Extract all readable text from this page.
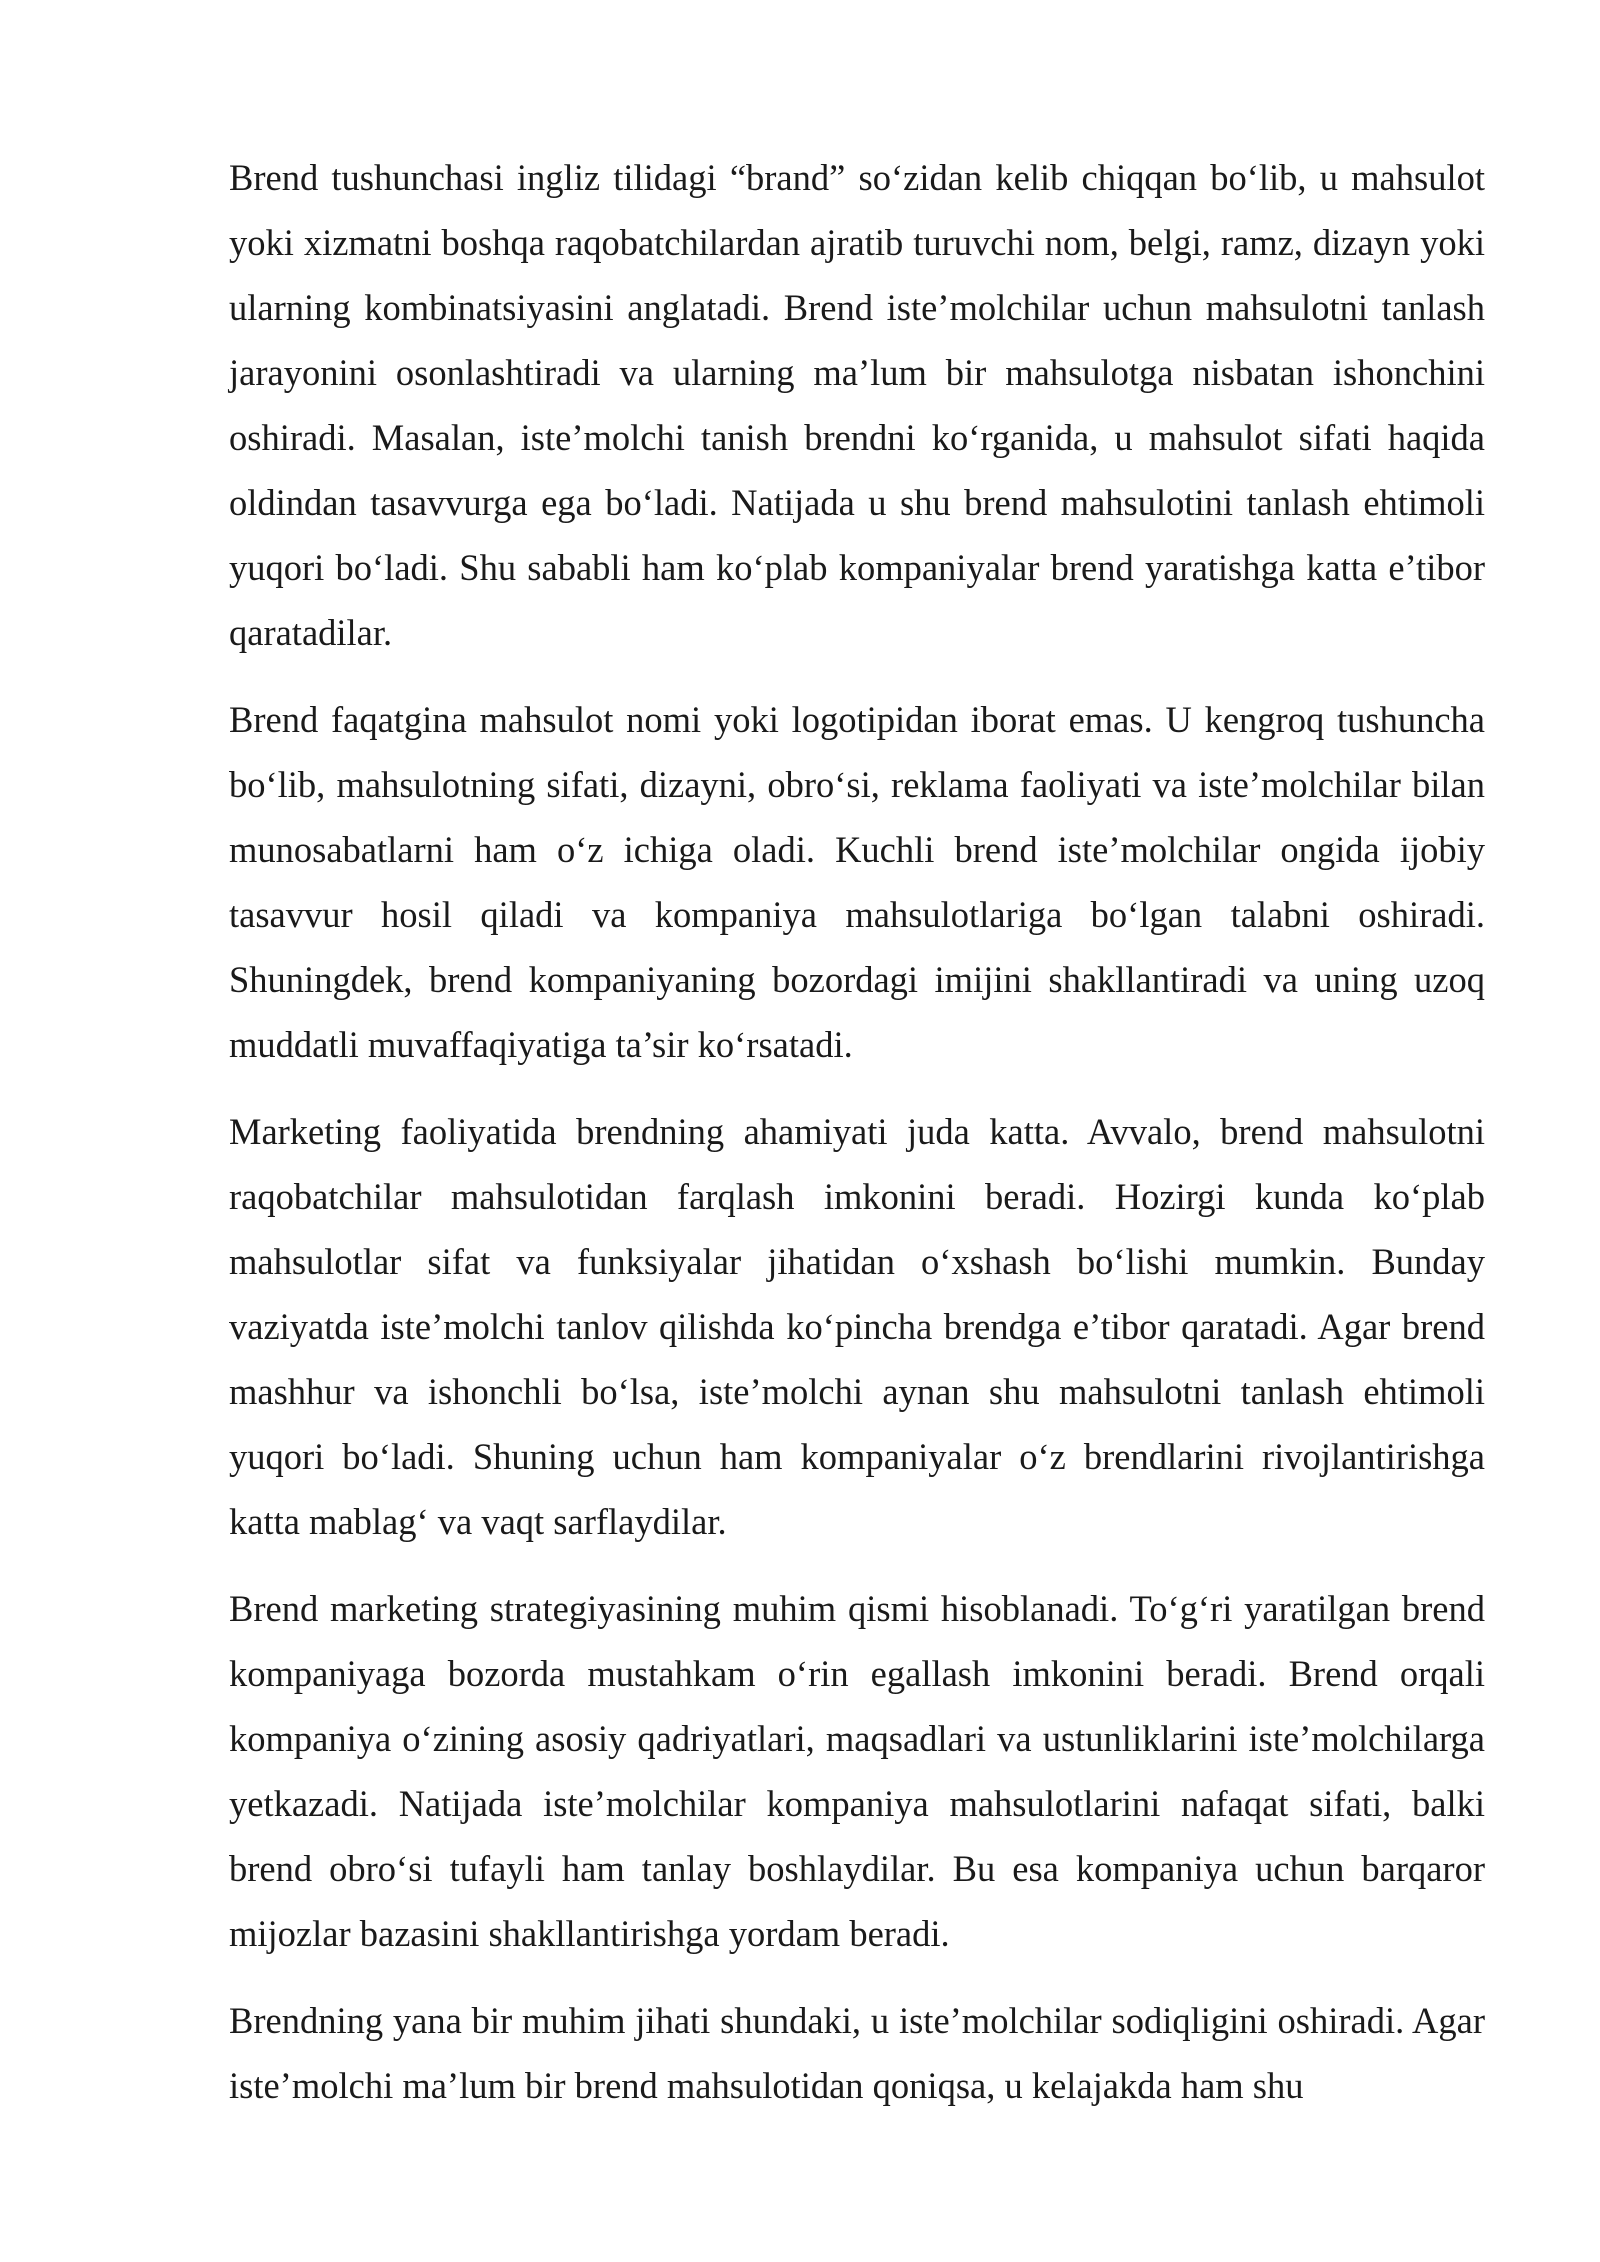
Brend tushunchasi ingliz tilidagi “brand” so‘zidan kelib chiqqan bo‘lib, u mahsulot yoki xizmatni boshqa raqobatchilardan ajratib turuvchi nom, belgi, ramz, dizayn yoki ularning kombinatsiyasini anglatadi. Brend iste’molchilar uchun mahsulotni tanlash jarayonini osonlashtiradi va ularning ma’lum bir mahsulotga nisbatan ishonchini oshiradi. Masalan, iste’molchi tanish brendni ko‘rganida, u mahsulot sifati haqida oldindan tasavvurga ega bo‘ladi. Natijada u shu brend mahsulotini tanlash ehtimoli yuqori bo‘ladi. Shu sababli ham ko‘plab kompaniyalar brend yaratishga katta e’tibor qaratadilar.

Brend faqatgina mahsulot nomi yoki logotipidan iborat emas. U kengroq tushuncha bo‘lib, mahsulotning sifati, dizayni, obro‘si, reklama faoliyati va iste’molchilar bilan munosabatlarni ham o‘z ichiga oladi. Kuchli brend iste’molchilar ongida ijobiy tasavvur hosil qiladi va kompaniya mahsulotlariga bo‘lgan talabni oshiradi. Shuningdek, brend kompaniyaning bozordagi imijini shakllantiradi va uning uzoq muddatli muvaffaqiyatiga ta’sir ko‘rsatadi.

Marketing faoliyatida brendning ahamiyati juda katta. Avvalo, brend mahsulotni raqobatchilar mahsulotidan farqlash imkonini beradi. Hozirgi kunda ko‘plab mahsulotlar sifat va funksiyalar jihatidan o‘xshash bo‘lishi mumkin. Bunday vaziyatda iste’molchi tanlov qilishda ko‘pincha brendga e’tibor qaratadi. Agar brend mashhur va ishonchli bo‘lsa, iste’molchi aynan shu mahsulotni tanlash ehtimoli yuqori bo‘ladi. Shuning uchun ham kompaniyalar o‘z brendlarini rivojlantirishga katta mablag‘ va vaqt sarflaydilar.

Brend marketing strategiyasining muhim qismi hisoblanadi. To‘g‘ri yaratilgan brend kompaniyaga bozorda mustahkam o‘rin egallash imkonini beradi. Brend orqali kompaniya o‘zining asosiy qadriyatlari, maqsadlari va ustunliklarini iste’molchilarga yetkazadi. Natijada iste’molchilar kompaniya mahsulotlarini nafaqat sifati, balki brend obro‘si tufayli ham tanlay boshlaydilar. Bu esa kompaniya uchun barqaror mijozlar bazasini shakllantirishga yordam beradi.

Brendning yana bir muhim jihati shundaki, u iste’molchilar sodiqligini oshiradi. Agar iste’molchi ma’lum bir brend mahsulotidan qoniqsa, u kelajakda ham shu
